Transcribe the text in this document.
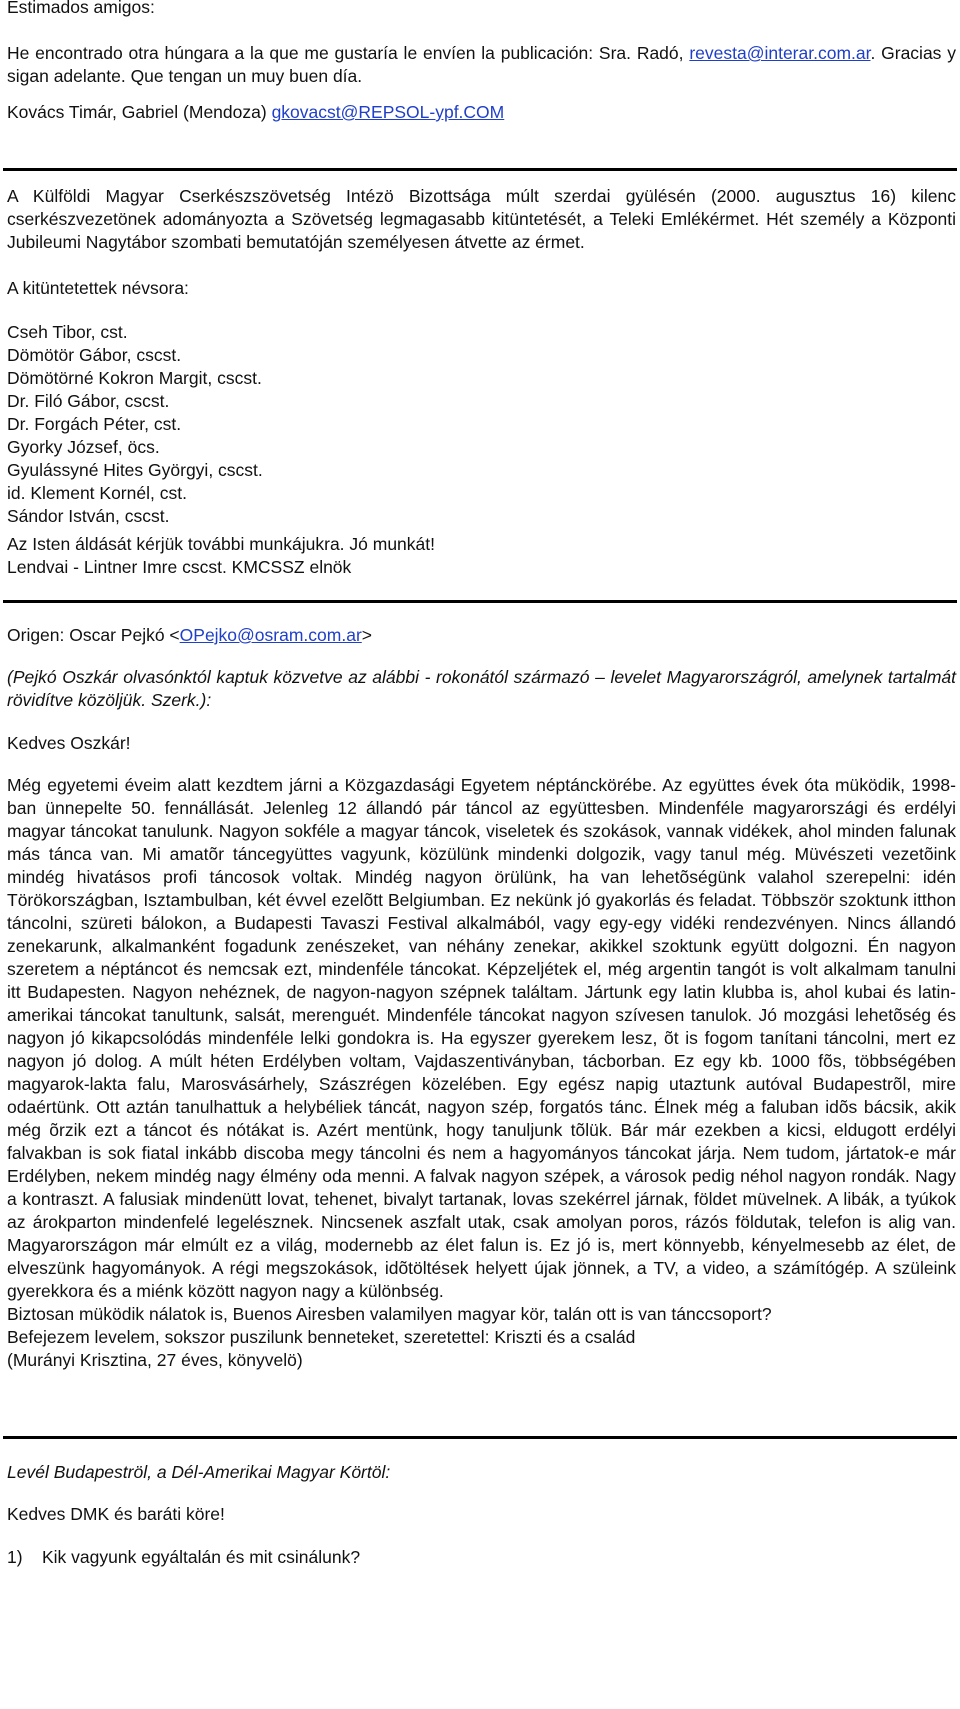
Estimados amigos:

He encontrado otra húngara a la que me gustaría le envíen la publicación: Sra. Radó, revesta@interar.com.ar. Gracias y sigan adelante. Que tengan un muy buen día.

Kovács Timár, Gabriel (Mendoza) gkovacst@REPSOL-ypf.COM

A Külföldi Magyar Cserkészszövetség Intézö Bizottsága múlt szerdai gyülésén (2000. augusztus 16) kilenc cserkészvezetönek adományozta a Szövetség legmagasabb kitüntetését, a Teleki Emlékérmet. Hét személy a Központi Jubileumi Nagytábor szombati bemutatóján személyesen átvette az érmet.

A kitüntetettek névsora:

Cseh Tibor, cst.

Dömötör Gábor, cscst.

Dömötörné Kokron Margit, cscst.

Dr. Filó Gábor, cscst.

Dr. Forgách Péter, cst.

Gyorky József, öcs.

Gyulássyné Hites Györgyi, cscst.

id. Klement Kornél, cst.

Sándor István, cscst.

Az Isten áldását kérjük további munkájukra. Jó munkát!

Lendvai - Lintner Imre cscst. KMCSSZ elnök

Origen: Oscar Pejkó <OPejko@osram.com.ar>

(Pejkó Oszkár olvasónktól kaptuk közvetve az alábbi - rokonától származó – levelet Magyarországról, amelynek tartalmát rövidítve közöljük. Szerk.):

Kedves Oszkár!

Még egyetemi éveim alatt kezdtem járni a Közgazdasági Egyetem néptánckörébe. Az együttes évek óta müködik, 1998-ban ünnepelte 50. fennállását. Jelenleg 12 állandó pár táncol az együttesben. Mindenféle magyarországi és erdélyi magyar táncokat tanulunk. Nagyon sokféle a magyar táncok, viseletek és szokások, vannak vidékek, ahol minden falunak más tánca van. Mi amatõr táncegyüttes vagyunk, közülünk mindenki dolgozik, vagy tanul még. Müvészeti vezetõink mindég hivatásos profi táncosok voltak. Mindég nagyon örülünk, ha van lehetõségünk valahol szerepelni: idén Törökországban, Isztambulban, két évvel ezelõtt Belgiumban. Ez nekünk jó gyakorlás és feladat. Többször szoktunk itthon táncolni, szüreti bálokon, a Budapesti Tavaszi Festival alkalmából, vagy egy-egy vidéki rendezvényen. Nincs állandó zenekarunk, alkalmanként fogadunk zenészeket, van néhány zenekar, akikkel szoktunk együtt dolgozni. Én nagyon szeretem a néptáncot és nemcsak ezt, mindenféle táncokat. Képzeljétek el, még argentin tangót is volt alkalmam tanulni itt Budapesten. Nagyon nehéznek, de nagyon-nagyon szépnek találtam. Jártunk egy latin klubba is, ahol kubai és latin-amerikai táncokat tanultunk, salsát, merenguét. Mindenféle táncokat nagyon szívesen tanulok. Jó mozgási lehetõség és nagyon jó kikapcsolódás mindenféle lelki gondokra is. Ha egyszer gyerekem lesz, õt is fogom tanítani táncolni, mert ez nagyon jó dolog. A múlt héten Erdélyben voltam, Vajdaszentiványban, tácborban. Ez egy kb. 1000 fõs, többségében magyarok-lakta falu, Marosvásárhely, Szászrégen közelében. Egy egész napig utaztunk autóval Budapestrõl, mire odaértünk. Ott aztán tanulhattuk a helybéliek táncát, nagyon szép, forgatós tánc. Élnek még a faluban idõs bácsik, akik még õrzik ezt a táncot és nótákat is. Azért mentünk, hogy tanuljunk tõlük. Bár már ezekben a kicsi, eldugott erdélyi falvakban is sok fiatal inkább discoba megy táncolni és nem a hagyományos táncokat járja. Nem tudom, jártatok-e már Erdélyben, nekem mindég nagy élmény oda menni. A falvak nagyon szépek, a városok pedig néhol nagyon rondák. Nagy a kontraszt. A falusiak mindenütt lovat, tehenet, bivalyt tartanak, lovas szekérrel járnak, földet müvelnek. A libák, a tyúkok az árokparton mindenfelé legelésznek. Nincsenek aszfalt utak, csak amolyan poros, rázós földutak, telefon is alig van. Magyarországon már elmúlt ez a világ, modernebb az élet falun is. Ez jó is, mert könnyebb, kényelmesebb az élet, de elveszünk hagyományok. A régi megszokások, idõtöltések helyett újak jönnek, a TV, a video, a számítógép. A szüleink gyerekkora és a miénk között nagyon nagy a különbség.

Biztosan müködik nálatok is, Buenos Airesben valamilyen magyar kör, talán ott is van tánccsoport?

Befejezem levelem, sokszor puszilunk benneteket, szeretettel: Kriszti és a család

(Murányi Krisztina, 27 éves, könyvelö)

Levél Budapeströl, a Dél-Amerikai Magyar Körtöl:

Kedves DMK és baráti köre!

1)	Kik vagyunk egyáltalán és mit csinálunk?
